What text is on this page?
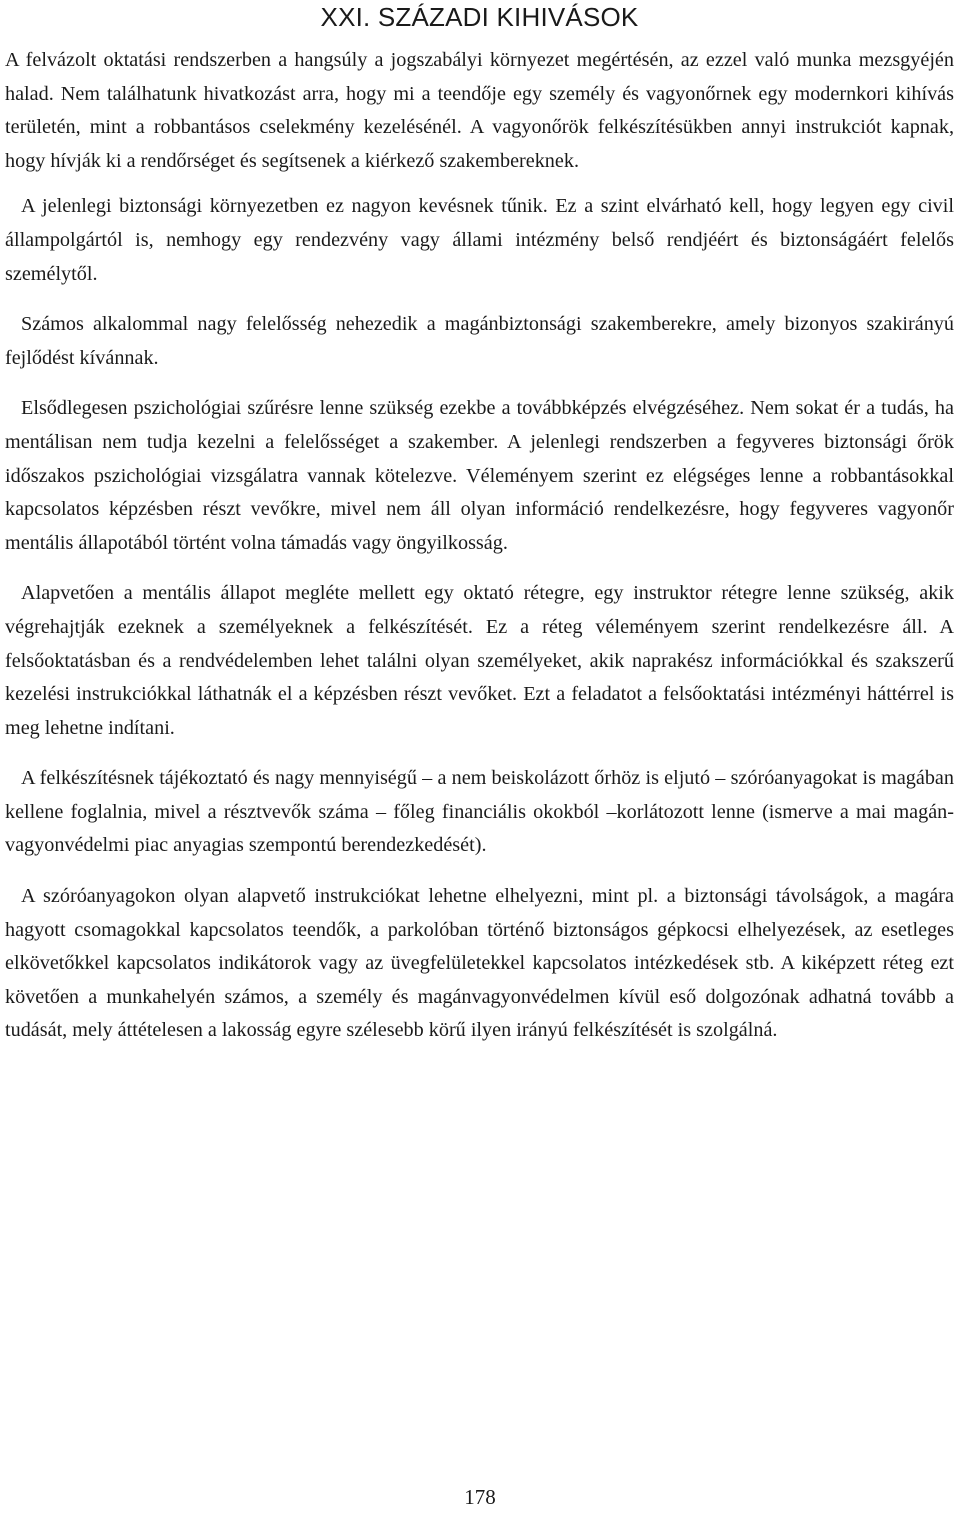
XXI. SZÁZADI KIHIVÁSOK

A felvázolt oktatási rendszerben a hangsúly a jogszabályi környezet megértésén, az ezzel való munka mezsgyéjén halad. Nem találhatunk hivatkozást arra, hogy mi a teendője egy személy és vagyonőrnek egy modernkori kihívás területén, mint a robbantásos cselekmény kezelésénél. A vagyonőrök felkészítésükben annyi instrukciót kapnak, hogy hívják ki a rendőrséget és segítsenek a kiérkező szakembereknek.

A jelenlegi biztonsági környezetben ez nagyon kevésnek tűnik. Ez a szint elvárható kell, hogy legyen egy civil állampolgártól is, nemhogy egy rendezvény vagy állami intézmény belső rendjéért és biztonságáért felelős személytől.

Számos alkalommal nagy felelősség nehezedik a magánbiztonsági szakemberekre, amely bizonyos szakirányú fejlődést kívánnak.

Elsődlegesen pszichológiai szűrésre lenne szükség ezekbe a továbbképzés elvégzéséhez. Nem sokat ér a tudás, ha mentálisan nem tudja kezelni a felelősséget a szakember. A jelenlegi rendszerben a fegyveres biztonsági őrök időszakos pszichológiai vizsgálatra vannak kötelezve. Véleményem szerint ez elégséges lenne a robbantásokkal kapcsolatos képzésben részt vevőkre, mivel nem áll olyan információ rendelkezésre, hogy fegyveres vagyonőr mentális állapotából történt volna támadás vagy öngyilkosság.

Alapvetően a mentális állapot megléte mellett egy oktató rétegre, egy instruktor rétegre lenne szükség, akik végrehajtják ezeknek a személyeknek a felkészítését. Ez a réteg véleményem szerint rendelkezésre áll. A felsőoktatásban és a rendvédelemben lehet találni olyan személyeket, akik naprakész információkkal és szakszerű kezelési instrukciókkal láthatnák el a képzésben részt vevőket. Ezt a feladatot a felsőoktatási intézményi háttérrel is meg lehetne indítani.

A felkészítésnek tájékoztató és nagy mennyiségű – a nem beiskolázott őrhöz is eljutó – szóróanyagokat is magában kellene foglalnia, mivel a résztvevők száma – főleg financiális okokból –korlátozott lenne (ismerve a mai magán-vagyonvédelmi piac anyagias szempontú berendezkedését).

A szóróanyagokon olyan alapvető instrukciókat lehetne elhelyezni, mint pl. a biztonsági távolságok, a magára hagyott csomagokkal kapcsolatos teendők, a parkolóban történő biztonságos gépkocsi elhelyezések, az esetleges elkövetőkkel kapcsolatos indikátorok vagy az üvegfelületekkel kapcsolatos intézkedések stb. A kiképzett réteg ezt követően a munkahelyén számos, a személy és magánvagyonvédelmen kívül eső dolgozónak adhatná tovább a tudását, mely áttételesen a lakosság egyre szélesebb körű ilyen irányú felkészítését is szolgálná.

178
